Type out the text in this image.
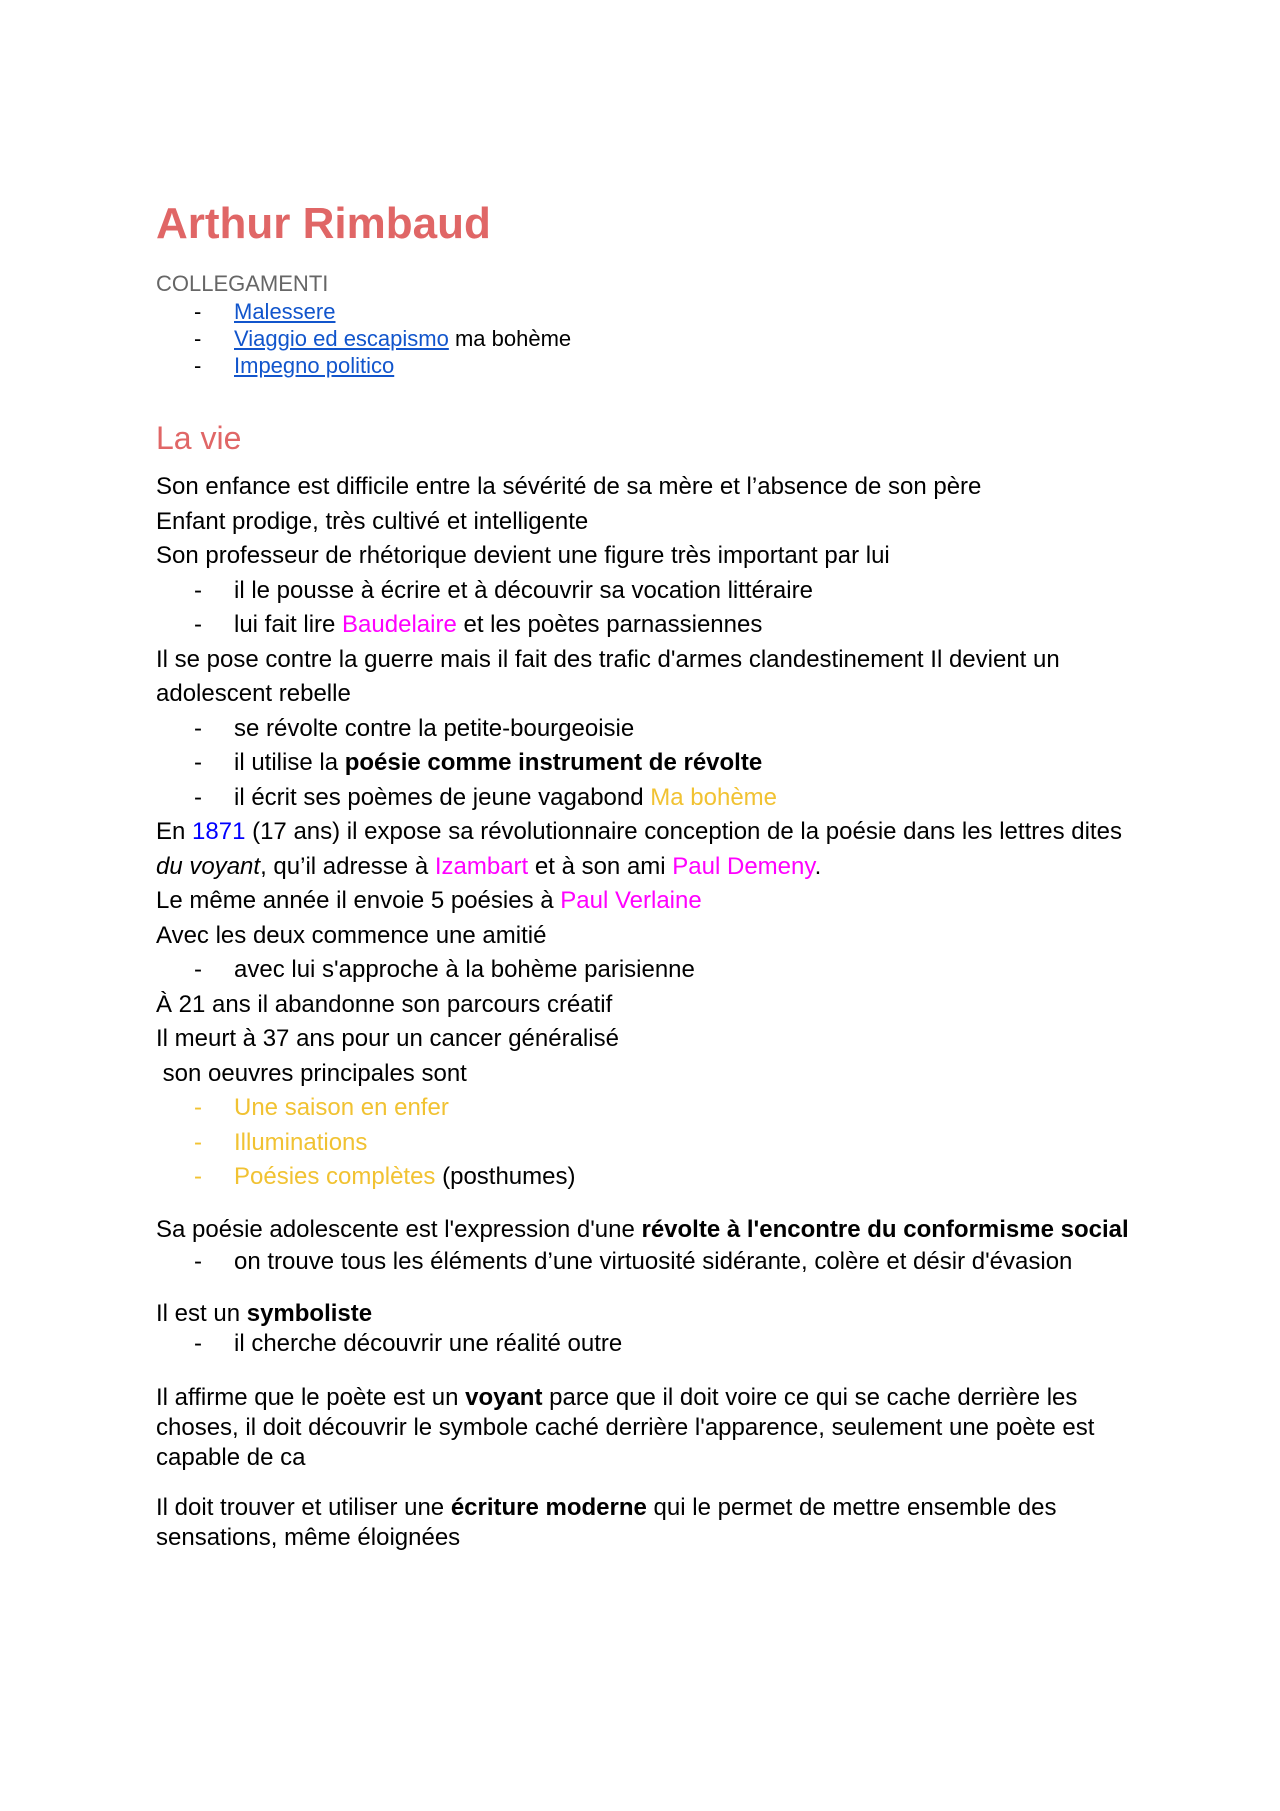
Arthur Rimbaud
COLLEGAMENTI
- Malessere
- Viaggio ed escapismo ma bohème
- Impegno politico
La vie
Son enfance est difficile entre la sévérité de sa mère et l’absence de son père
Enfant prodige, très cultivé et intelligente
Son professeur de rhétorique devient une figure très important par lui
- il le pousse à écrire et à découvrir sa vocation littéraire
- lui fait lire Baudelaire et les poètes parnassiennes
Il se pose contre la guerre mais il fait des trafic d'armes clandestinement Il devient un adolescent rebelle
- se révolte contre la petite-bourgeoisie
- il utilise la poésie comme instrument de révolte
- il écrit ses poèmes de jeune vagabond Ma bohème
En 1871 (17 ans) il expose sa révolutionnaire conception de la poésie dans les lettres dites du voyant, qu’il adresse à Izambart et à son ami Paul Demeny.
Le même année il envoie 5 poésies à Paul Verlaine
Avec les deux commence une amitié
- avec lui s'approche à la bohème parisienne
À 21 ans il abandonne son parcours créatif
Il meurt à 37 ans pour un cancer généralisé
son oeuvres principales sont
- Une saison en enfer
- Illuminations
- Poésies complètes (posthumes)
Sa poésie adolescente est l'expression d'une révolte à l'encontre du conformisme social
- on trouve tous les éléments d’une virtuosité sidérante, colère et désir d'évasion
Il est un symboliste
- il cherche découvrir une réalité outre
Il affirme que le poète est un voyant parce que il doit voire ce qui se cache derrière les choses, il doit découvrir le symbole caché derrière l'apparence, seulement une poète est capable de ca
Il doit trouver et utiliser une écriture moderne qui le permet de mettre ensemble des sensations, même éloignées
